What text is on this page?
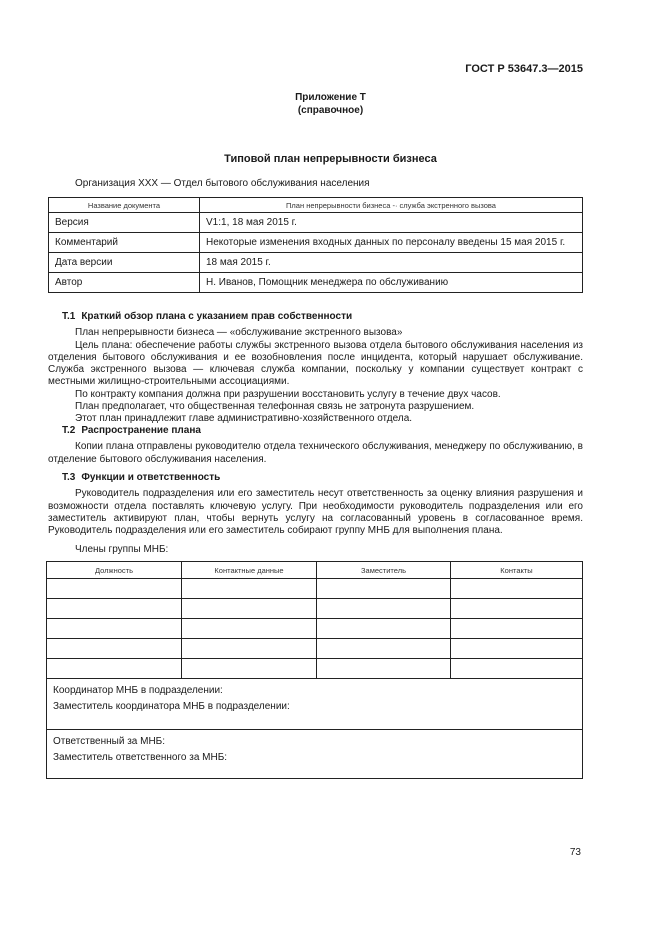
ГОСТ Р 53647.3—2015
Приложение Т
(справочное)
Типовой план непрерывности бизнеса
Организация XXX — Отдел бытового обслуживания населения
Название документа	План непрерывности бизнеса -· служба экстренного вызова
Версия	V1:1, 18 мая 2015 г.
Комментарий	Некоторые изменения входных данных по персоналу введены 15 мая 2015 г.
Дата версии	18 мая 2015 г.
Автор	Н. Иванов, Помощник менеджера по обслуживанию
Т.1 Краткий обзор плана с указанием прав собственности

План непрерывности бизнеса — «обслуживание экстренного вызова»

Цель плана: обеспечение работы службы экстренного вызова отдела бытового обслуживания населения из отделения бытового обслуживания и ее возобновления после инцидента, который нарушает обслуживание. Служба экстренного вызова — ключевая служба компании, поскольку у компании существует контракт с местными жилищно-строительными ассоциациями.

По контракту компания должна при разрушении восстановить услугу в течение двух часов.

План предполагает, что общественная телефонная связь не затронута разрушением.

Этот план принадлежит главе административно-хозяйственного отдела.

Т.2 Распространение плана

Копии плана отправлены руководителю отдела технического обслуживания, менеджеру по обслуживанию, в отделение бытового обслуживания населения.

Т.3 Функции и ответственность

Руководитель подразделения или его заместитель несут ответственность за оценку влияния разрушения и возможности отдела поставлять ключевую услугу. При необходимости руководитель подразделения или его заместитель активируют план, чтобы вернуть услугу на согласованный уровень в согласованное время. Руководитель подразделения или его заместитель собирают группу МНБ для выполнения плана.

Члены группы МНБ:
Должность	Контактные данные	Заместитель	Контакты

Координатор МНБ в подразделении:
Заместитель координатора МНБ в подразделении:			

Ответственный за МНБ:
Заместитель ответственного за МНБ:			
73
